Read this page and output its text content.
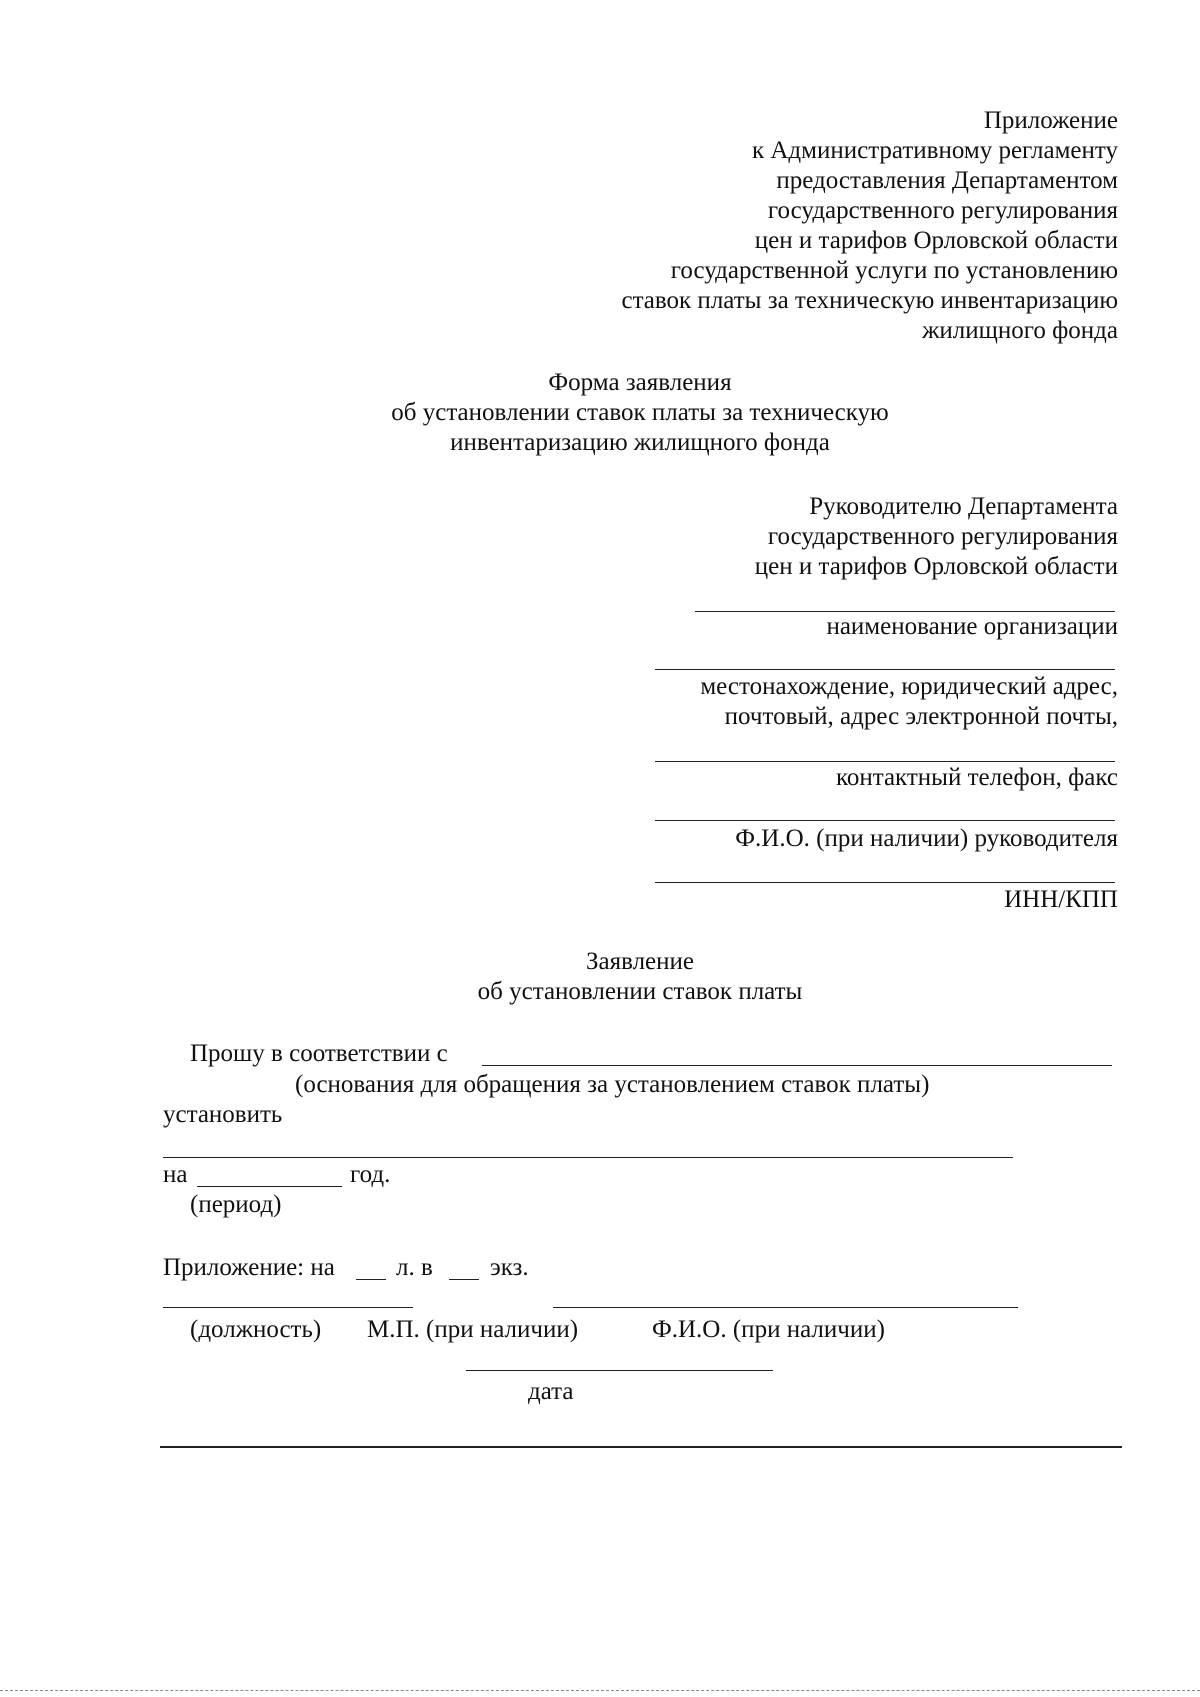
Приложение
к Административному регламенту
предоставления Департаментом
государственного регулирования
цен и тарифов Орловской области
государственной услуги по установлению
ставок платы за техническую инвентаризацию
жилищного фонда
Форма заявления
об установлении ставок платы за техническую
инвентаризацию жилищного фонда
Руководителю Департамента
государственного регулирования
цен и тарифов Орловской области
наименование организации
местонахождение, юридический адрес,
почтовый, адрес электронной почты,
контактный телефон, факс
Ф.И.О. (при наличии) руководителя
ИНН/КПП
Заявление
об установлении ставок платы
Прошу в соответствии с
(основания для обращения за установлением ставок платы)
установить
на	год.
(период)
Приложение: на л. в экз.
(должность) М.П. (при наличии)	Ф.И.О. (при наличии)
дата
